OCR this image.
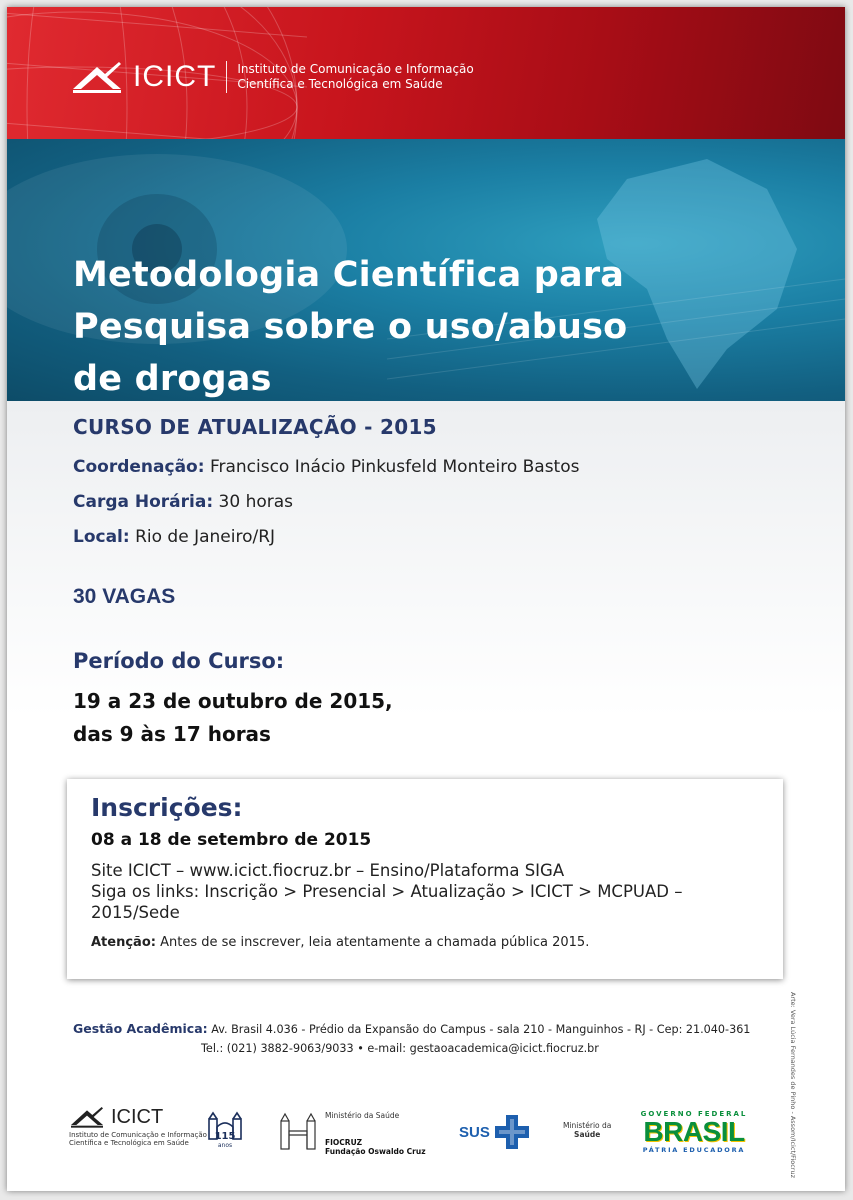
ICICT Instituto de Comunicação e Informação
Científica e Tecnológica em Saúde
Metodologia Científica para
Pesquisa sobre o uso/abuso
de drogas
CURSO DE ATUALIZAÇÃO - 2015
Coordenação: Francisco Inácio Pinkusfeld Monteiro Bastos
Carga Horária: 30 horas
Local: Rio de Janeiro/RJ
30 VAGAS
Período do Curso:
19 a 23 de outubro de 2015,
das 9 às 17 horas
Inscrições:
08 a 18 de setembro de 2015
Site ICICT – www.icict.fiocruz.br – Ensino/Plataforma SIGA
Siga os links: Inscrição > Presencial > Atualização > ICICT > MCPUAD –
2015/Sede
Atenção: Antes de se inscrever, leia atentamente a chamada pública 2015.
Gestão Acadêmica: Av. Brasil 4.036 - Prédio da Expansão do Campus - sala 210 - Manguinhos - RJ - Cep: 21.040-361
Tel.: (021) 3882-9063/9033 • e-mail: gestaoacademica@icict.fiocruz.br
ICICT
Instituto de Comunicação e Informação
Científica e Tecnológica em Saúde
115
anos
Ministério da Saúde
FIOCRUZ
Fundação Oswaldo Cruz
SUS	Ministério da
Saúde
GOVERNO FEDERAL
BRASIL
PÁTRIA EDUCADORA	Arte: Vera Lúcia Fernandes de Pinho - Assom/Icict/Fiocruz
